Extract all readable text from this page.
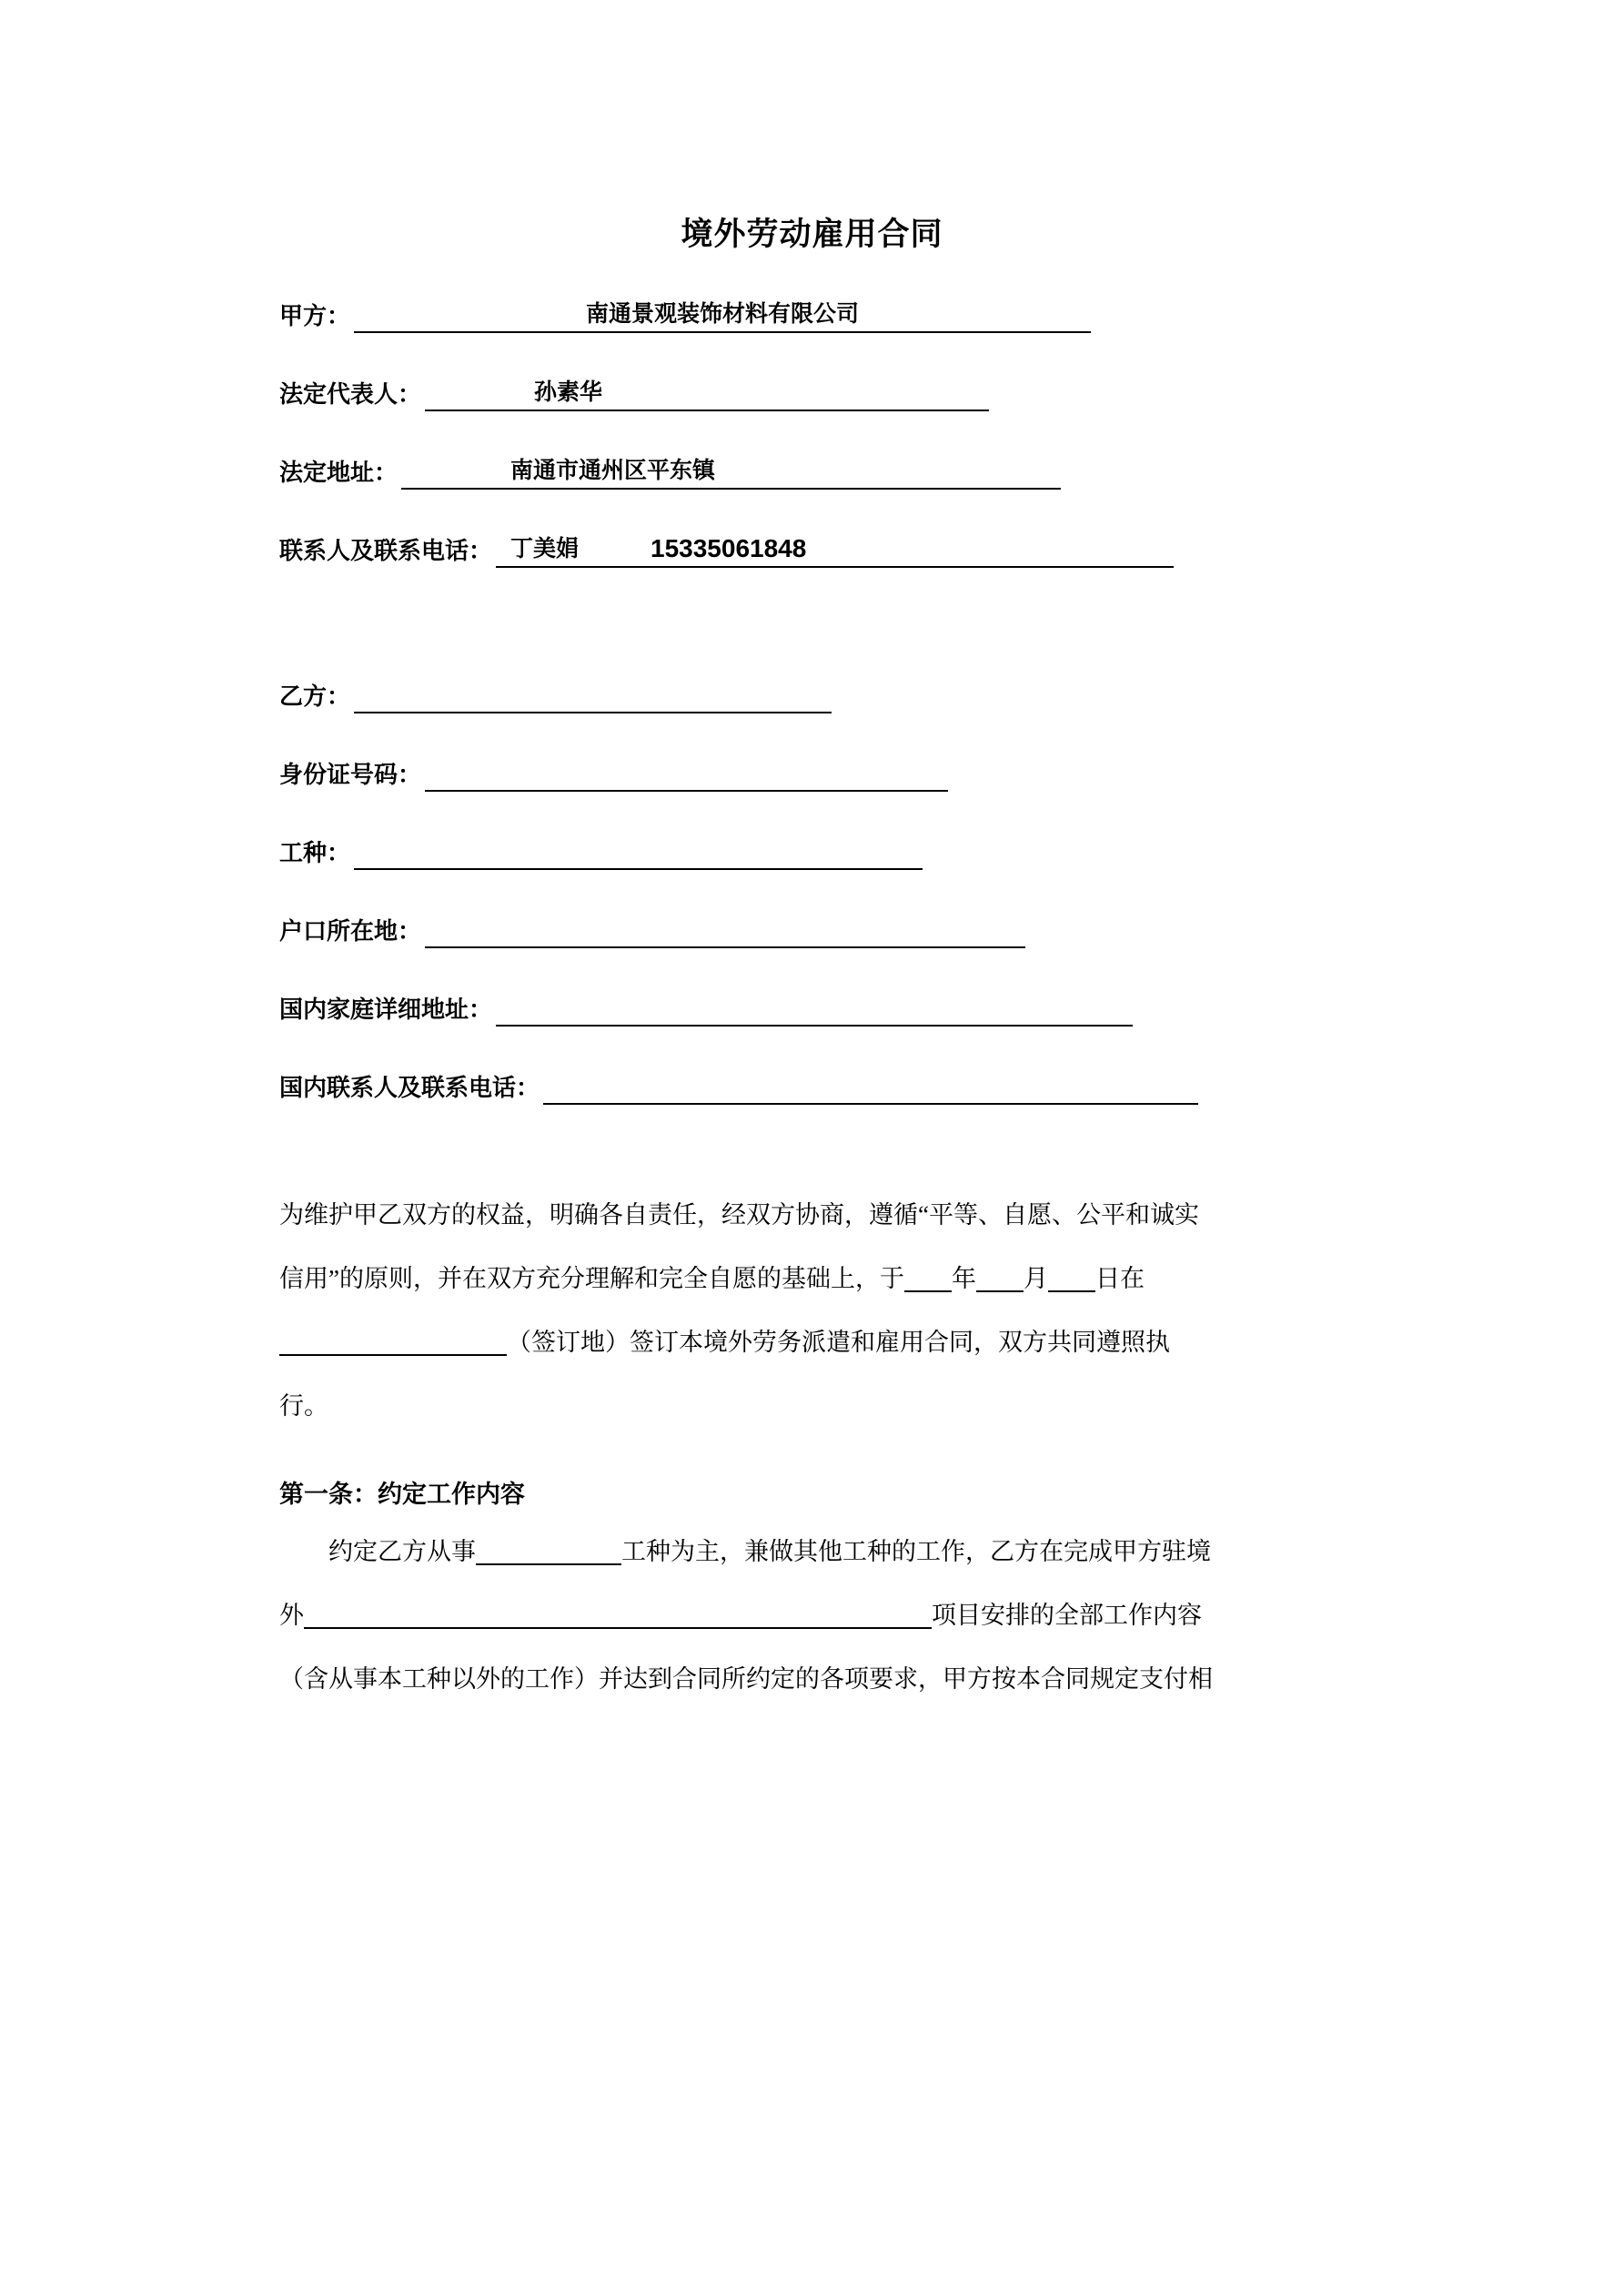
境外劳动雇用合同
甲方：	南通景观装饰材料有限公司
法定代表人：	孙素华
法定地址：	南通市通州区平东镇
联系人及联系电话： 丁美娟	15335061848
乙方：
身份证号码：
工种：
户口所在地：
国内家庭详细地址：
国内联系人及联系电话：

为维护甲乙双方的权益，明确各自责任，经双方协商，遵循“平等、自愿、公平和诚实

信用”的原则，并在双方充分理解和完全自愿的基础上，于 年 月 日在

（签订地）签订本境外劳务派遣和雇用合同，双方共同遵照执

行。

第一条：约定工作内容

约定乙方从事	工种为主，兼做其他工种的工作，乙方在完成甲方驻境

外	项目安排的全部工作内容

（含从事本工种以外的工作）并达到合同所约定的各项要求，甲方按本合同规定支付相
